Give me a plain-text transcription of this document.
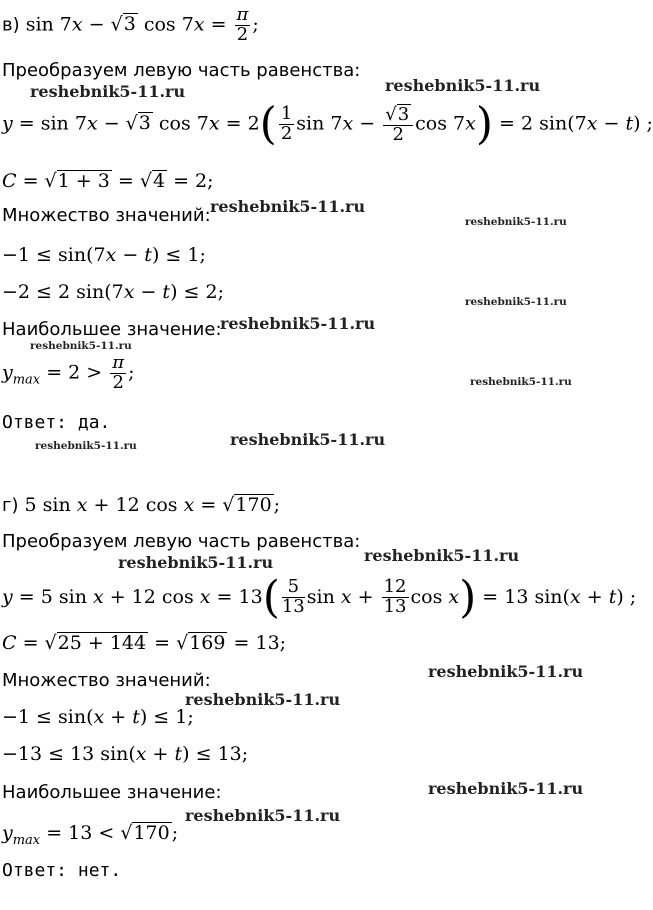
в) sin 7x − √3 $\cos 7x = \frac{\pi}{2}$ ;
Преобразуем левую часть равенства:
y = sin 7x − √3 $\cos 7x = 2( \frac{1}{2}$ $\sin 7x - \frac{√3}{2}$ cos 7x) = 2 sin(7x − t) ;
C = √1 + 3 = √4 = 2;
Множество значений:
−1 ≤ sin(7x − t) ≤ 1;
−2 ≤ 2 sin(7x − t) ≤ 2;
Наибольшее значение:
$y_{max} = 2 > \frac{\pi}{2}$ ;
Ответ: да.
г) 5 sin x + 12 cos x = √170 ;
Преобразуем левую часть равенства:
y = 5 sin x + 12 $\cos x = 13( \frac{5}{13}$ $\sin x + \frac{12}{13}$ cos x) = 13 sin(x + t) ;
C = √25 + 144 = √169 = 13;
Множество значений:
−1 ≤ sin(x + t) ≤ 1;
−13 ≤ 13 sin(x + t) ≤ 13;
Наибольшее значение:
$y_{max} = 13 < √170$ ;
Ответ: нет.
reshebnik5-11.ru	reshebnik5-11.ru
reshebnik5-11.ru
reshebnik5-11.ru
reshebnik5-11.ru
reshebnik5-11.ru
reshebnik5-11.ru
reshebnik5-11.ru
reshebnik5-11.ru
reshebnik5-11.ru
reshebnik5-11.ru	reshebnik5-11.ru
reshebnik5-11.ru
reshebnik5-11.ru
reshebnik5-11.ru
reshebnik5-11.ru
